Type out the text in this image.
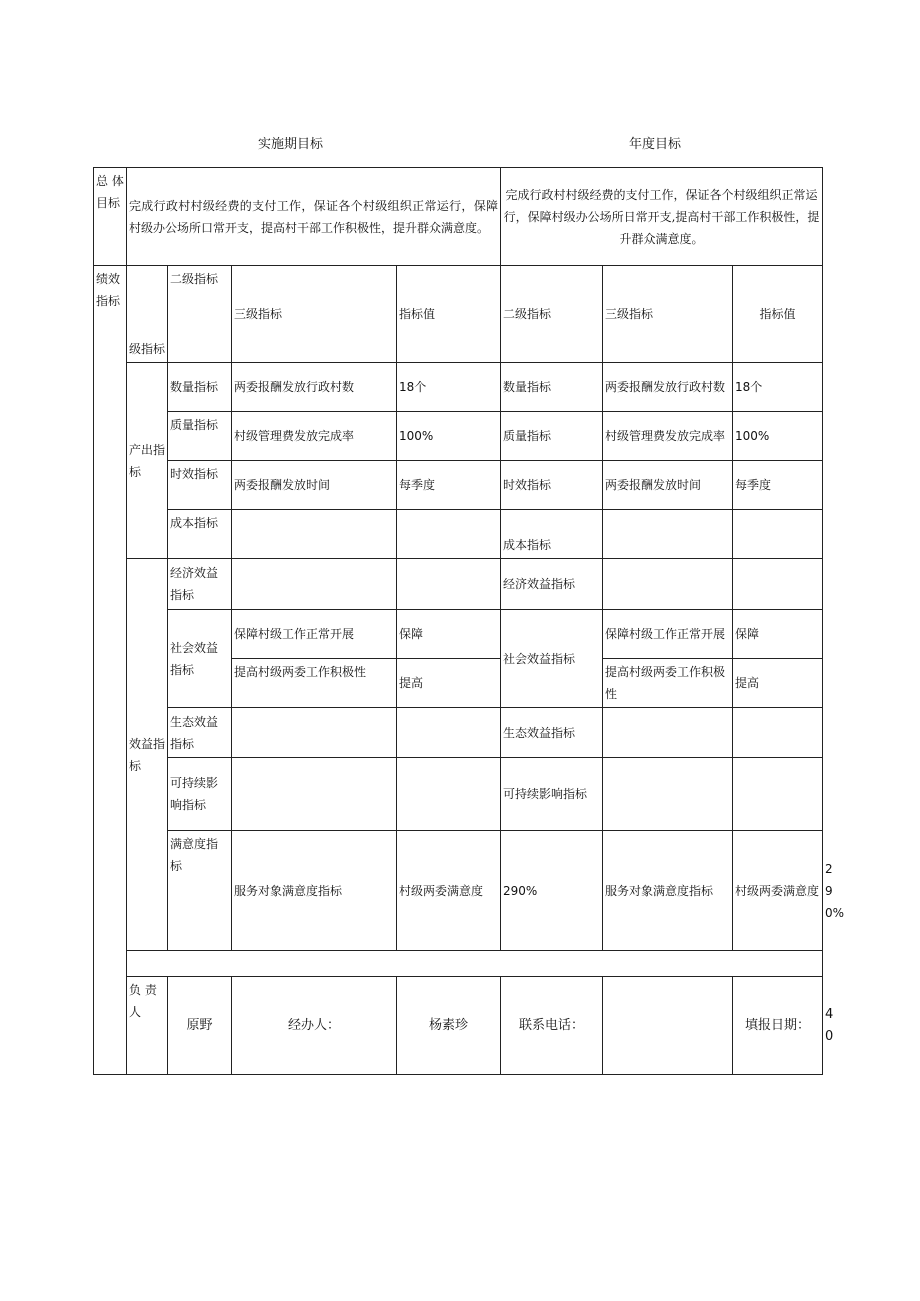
实施期目标	年度目标
总 体 目标	完成行政村村级经费的支付工作，保证各个村级组织正常运行，保障村级办公场所口常开支，提高村干部工作积极性，提升群众满意度。				完成行政村村级经费的支付工作，保证各个村级组织正常运行，保障村级办公场所日常开支,提高村干部工作积极性，提升群众满意度。			
绩效指标	级指标	二级指标	三级指标	指标值	二级指标	三级指标	指标值	
	产出指标	数量指标	两委报酬发放行政村数	18个	数量指标	两委报酬发放行政村数	18个	
		质量指标	村级管理费发放完成率	100%	质量指标	村级管理费发放完成率	100%	
		时效指标	两委报酬发放时间	每季度	时效指标	两委报酬发放时间	每季度	
		成本指标			成本指标			
	效益指标	经济效益指标			经济效益指标			
		社会效益指标	保障村级工作正常开展	保障	社会效益指标	保障村级工作正常开展	保障	
			提高村级两委工作积极性	提高		提高村级两委工作积极性	提高	
		生态效益指标			生态效益指标			
		可持续影响指标			可持续影响指标			
		满意度指标	服务对象满意度指标	村级两委满意度	290%	服务对象满意度指标	村级两委满意度	290%

	负 责 人	原野	经办人：	杨素珍	联系电话：		填报日期：	40
